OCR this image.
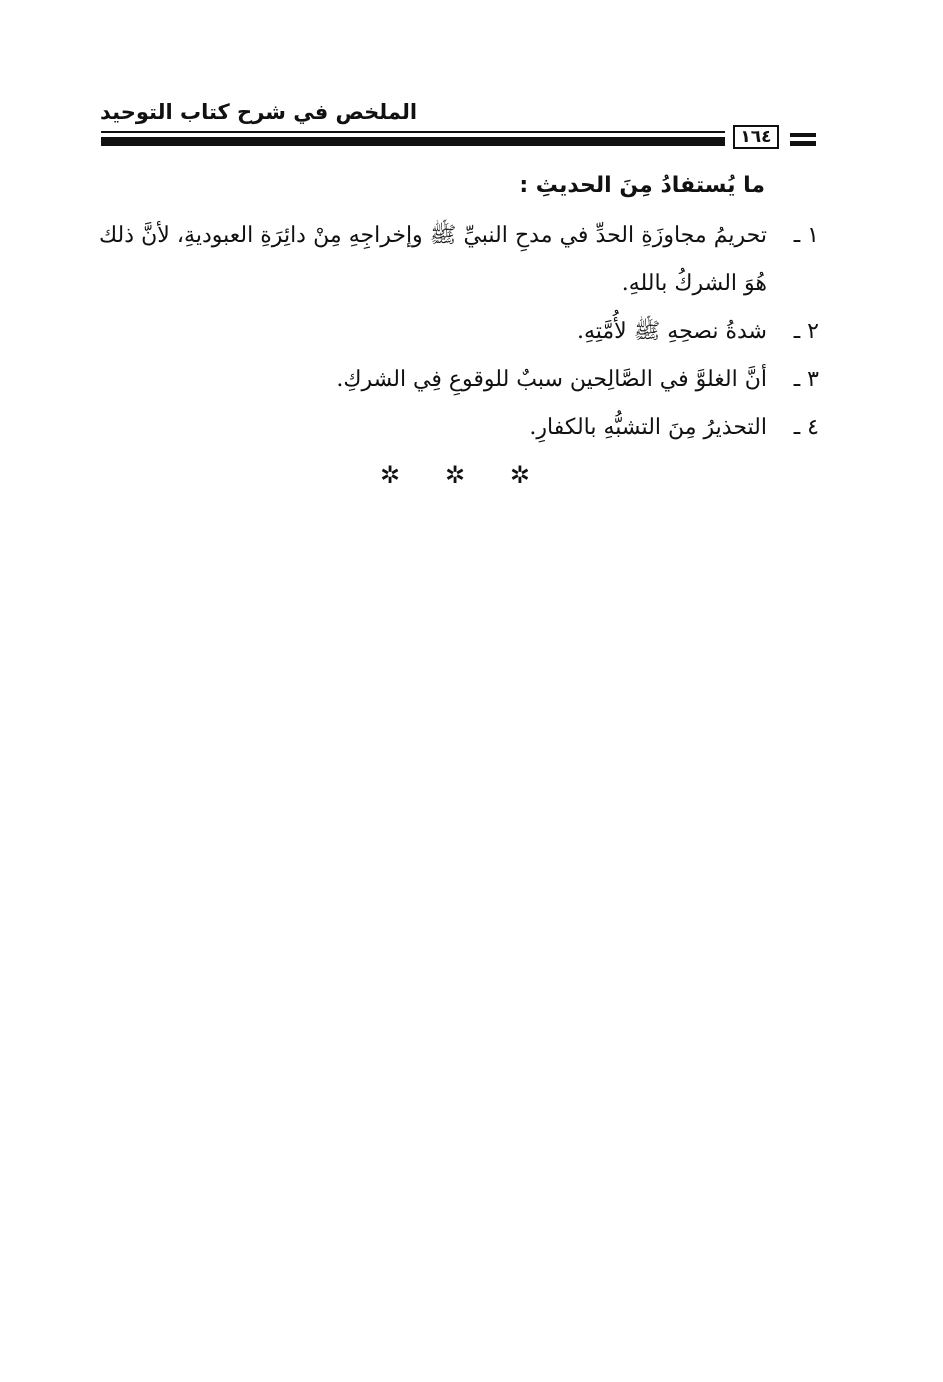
الملخص في شرح كتاب التوحيد
١٦٤
ما يُستفادُ مِنَ الحديثِ :
١ ـ
تحريمُ مجاوزَةِ الحدِّ في مدحِ النبيِّ ﷺ وإخراجِهِ مِنْ دائِرَةِ العبوديةِ، لأنَّ ذلك هُوَ الشركُ باللهِ.
٢ ـ
شدةُ نصحِهِ ﷺ لأُمَّتِهِ.
٣ ـ
أنَّ الغلوَّ في الصَّالِحين سببٌ للوقوعِ فِي الشركِ.
٤ ـ
التحذيرُ مِنَ التشبُّهِ بالكفارِ.
✲ ✲ ✲
